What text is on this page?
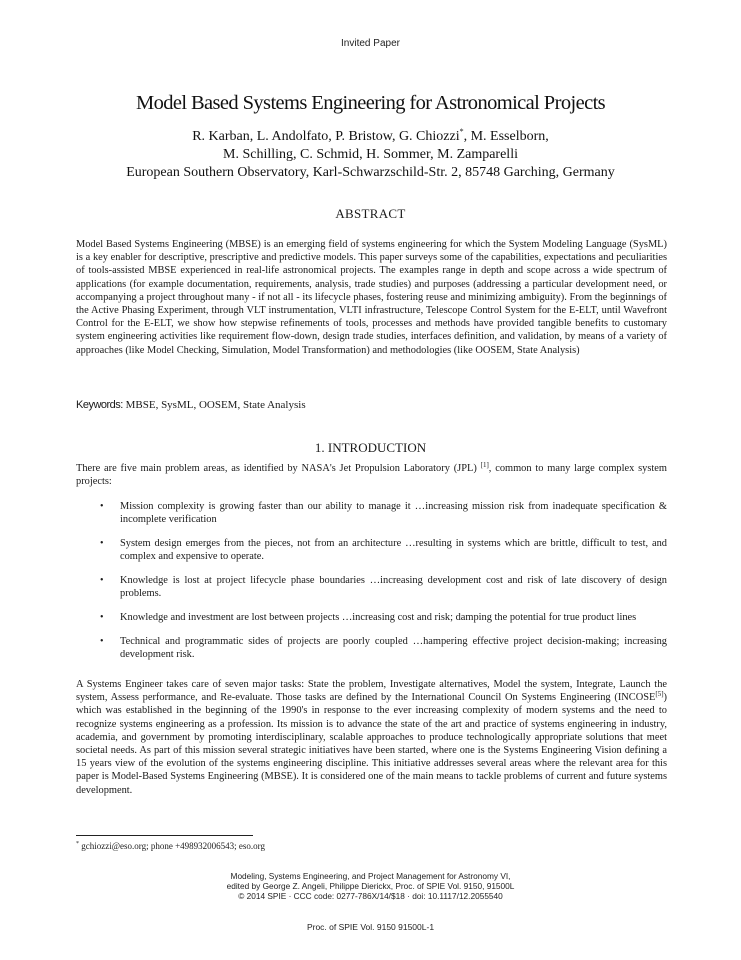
Invited Paper
Model Based Systems Engineering for Astronomical Projects
R. Karban, L. Andolfato, P. Bristow, G. Chiozzi*, M. Esselborn,
M. Schilling, C. Schmid, H. Sommer, M. Zamparelli
European Southern Observatory, Karl-Schwarzschild-Str. 2, 85748 Garching, Germany
ABSTRACT
Model Based Systems Engineering (MBSE) is an emerging field of systems engineering for which the System Modeling Language (SysML) is a key enabler for descriptive, prescriptive and predictive models. This paper surveys some of the capabilities, expectations and peculiarities of tools-assisted MBSE experienced in real-life astronomical projects. The examples range in depth and scope across a wide spectrum of applications (for example documentation, requirements, analysis, trade studies) and purposes (addressing a particular development need, or accompanying a project throughout many - if not all - its lifecycle phases, fostering reuse and minimizing ambiguity). From the beginnings of the Active Phasing Experiment, through VLT instrumentation, VLTI infrastructure, Telescope Control System for the E-ELT, until Wavefront Control for the E-ELT, we show how stepwise refinements of tools, processes and methods have provided tangible benefits to customary system engineering activities like requirement flow-down, design trade studies, interfaces definition, and validation, by means of a variety of approaches (like Model Checking, Simulation, Model Transformation) and methodologies (like OOSEM, State Analysis)
Keywords: MBSE, SysML, OOSEM, State Analysis
1. INTRODUCTION
There are five main problem areas, as identified by NASA's Jet Propulsion Laboratory (JPL) [1], common to many large complex system projects:
• Mission complexity is growing faster than our ability to manage it …increasing mission risk from inadequate specification & incomplete verification
• System design emerges from the pieces, not from an architecture …resulting in systems which are brittle, difficult to test, and complex and expensive to operate.
• Knowledge is lost at project lifecycle phase boundaries …increasing development cost and risk of late discovery of design problems.
• Knowledge and investment are lost between projects …increasing cost and risk; damping the potential for true product lines
• Technical and programmatic sides of projects are poorly coupled …hampering effective project decision-making; increasing development risk.
A Systems Engineer takes care of seven major tasks: State the problem, Investigate alternatives, Model the system, Integrate, Launch the system, Assess performance, and Re-evaluate. Those tasks are defined by the International Council On Systems Engineering (INCOSE[5]) which was established in the beginning of the 1990's in response to the ever increasing complexity of modern systems and the need to recognize systems engineering as a profession. Its mission is to advance the state of the art and practice of systems engineering in industry, academia, and government by promoting interdisciplinary, scalable approaches to produce technologically appropriate solutions that meet societal needs. As part of this mission several strategic initiatives have been started, where one is the Systems Engineering Vision defining a 15 years view of the evolution of the systems engineering discipline. This initiative addresses several areas where the relevant area for this paper is Model-Based Systems Engineering (MBSE). It is considered one of the main means to tackle problems of current and future systems development.
* gchiozzi@eso.org; phone +498932006543; eso.org
Modeling, Systems Engineering, and Project Management for Astronomy VI,
edited by George Z. Angeli, Philippe Dierickx, Proc. of SPIE Vol. 9150, 91500L
© 2014 SPIE · CCC code: 0277-786X/14/$18 · doi: 10.1117/12.2055540
Proc. of SPIE Vol. 9150 91500L-1
